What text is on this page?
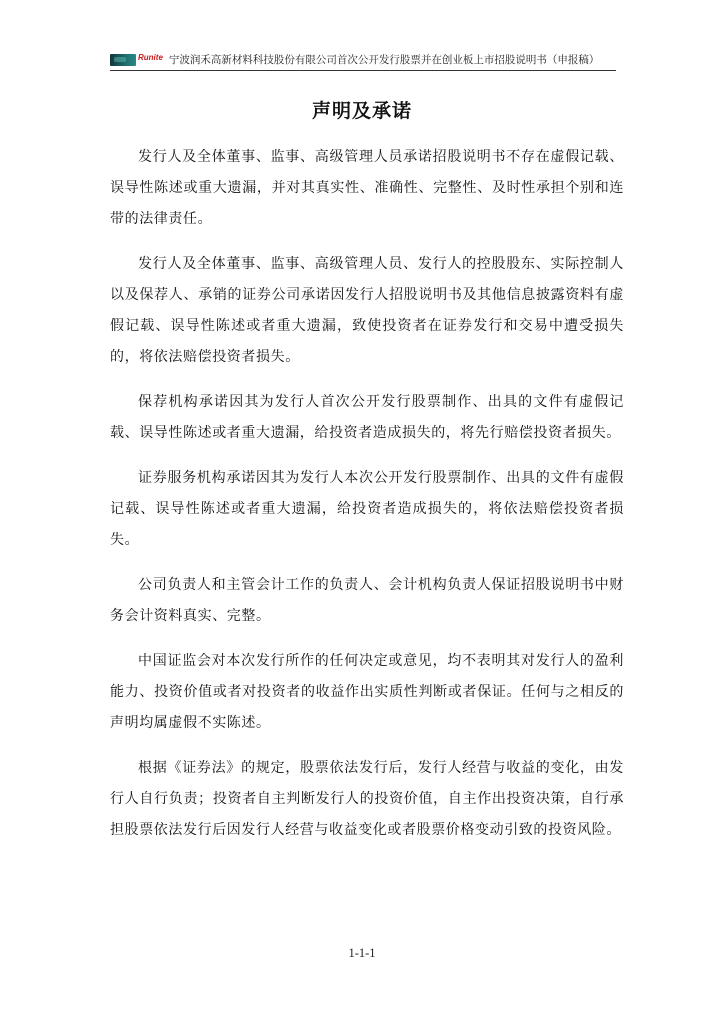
Runite 宁波润禾高新材料科技股份有限公司首次公开发行股票并在创业板上市招股说明书（申报稿）
声明及承诺

发行人及全体董事、监事、高级管理人员承诺招股说明书不存在虚假记载、误导性陈述或重大遗漏，并对其真实性、准确性、完整性、及时性承担个别和连带的法律责任。

发行人及全体董事、监事、高级管理人员、发行人的控股股东、实际控制人以及保荐人、承销的证券公司承诺因发行人招股说明书及其他信息披露资料有虚假记载、误导性陈述或者重大遗漏，致使投资者在证券发行和交易中遭受损失的，将依法赔偿投资者损失。

保荐机构承诺因其为发行人首次公开发行股票制作、出具的文件有虚假记载、误导性陈述或者重大遗漏，给投资者造成损失的，将先行赔偿投资者损失。

证券服务机构承诺因其为发行人本次公开发行股票制作、出具的文件有虚假记载、误导性陈述或者重大遗漏，给投资者造成损失的，将依法赔偿投资者损失。

公司负责人和主管会计工作的负责人、会计机构负责人保证招股说明书中财务会计资料真实、完整。

中国证监会对本次发行所作的任何决定或意见，均不表明其对发行人的盈利能力、投资价值或者对投资者的收益作出实质性判断或者保证。任何与之相反的声明均属虚假不实陈述。

根据《证券法》的规定，股票依法发行后，发行人经营与收益的变化，由发行人自行负责；投资者自主判断发行人的投资价值，自主作出投资决策，自行承担股票依法发行后因发行人经营与收益变化或者股票价格变动引致的投资风险。

1-1-1
